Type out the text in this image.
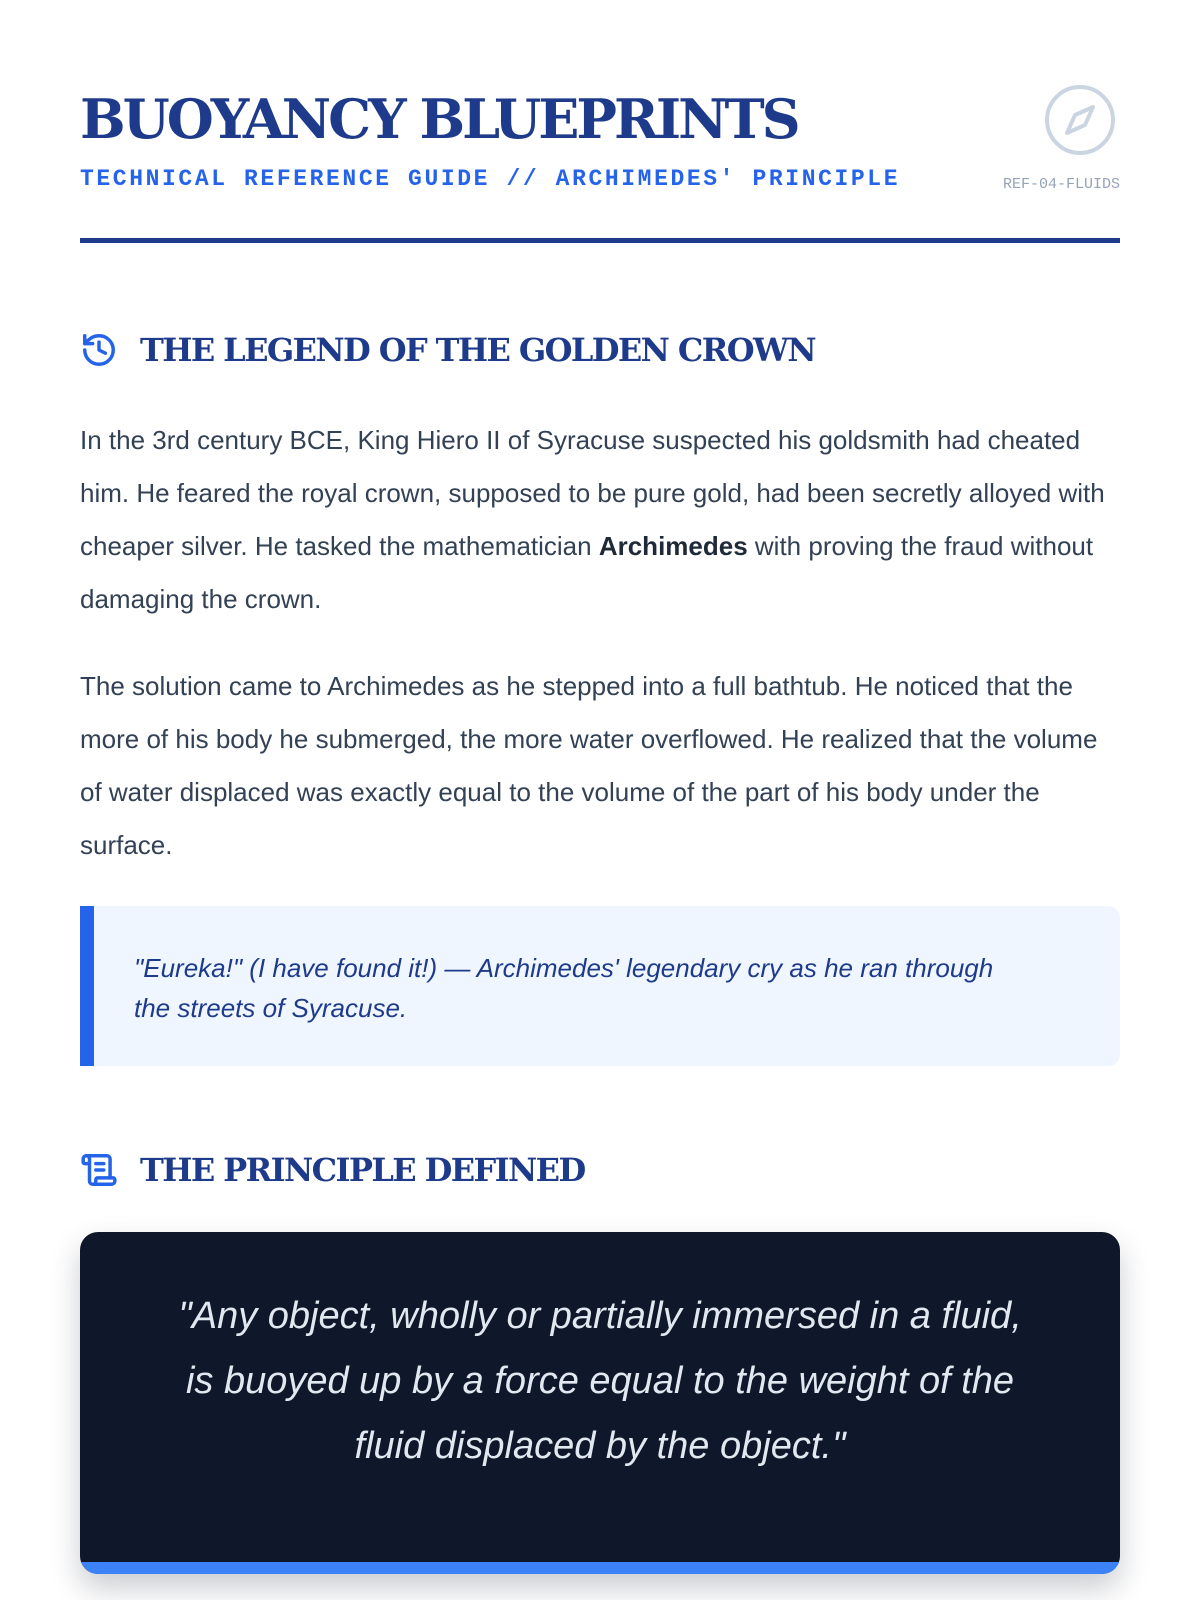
BUOYANCY BLUEPRINTS
TECHNICAL REFERENCE GUIDE // ARCHIMEDES' PRINCIPLE	REF-04-FLUIDS
THE LEGEND OF THE GOLDEN CROWN

In the 3rd century BCE, King Hiero II of Syracuse suspected his goldsmith had cheated him. He feared the royal crown, supposed to be pure gold, had been secretly alloyed with cheaper silver. He tasked the mathematician Archimedes with proving the fraud without damaging the crown.

The solution came to Archimedes as he stepped into a full bathtub. He noticed that the more of his body he submerged, the more water overflowed. He realized that the volume of water displaced was exactly equal to the volume of the part of his body under the surface.

"Eureka!" (I have found it!) — Archimedes' legendary cry as he ran through the streets of Syracuse.

THE PRINCIPLE DEFINED

"Any object, wholly or partially immersed in a fluid, is buoyed up by a force equal to the weight of the fluid displaced by the object."
